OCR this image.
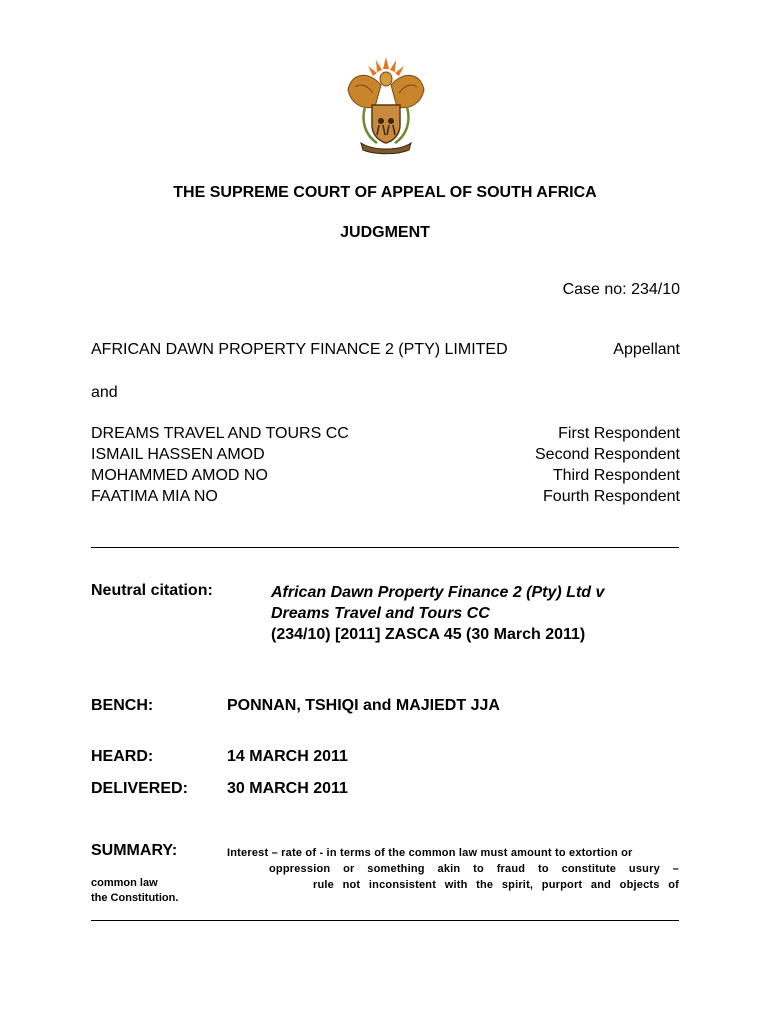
THE SUPREME COURT OF APPEAL OF SOUTH AFRICA
JUDGMENT
Case no: 234/10
AFRICAN DAWN PROPERTY FINANCE 2 (PTY) LIMITED	Appellant
and
DREAMS TRAVEL AND TOURS CC	First Respondent
ISMAIL HASSEN AMOD	Second Respondent
MOHAMMED AMOD NO	Third Respondent
FAATIMA MIA NO	Fourth Respondent
Neutral citation:	African Dawn Property Finance 2 (Pty) Ltd v
Dreams Travel and Tours CC
(234/10) [2011] ZASCA 45 (30 March 2011)
BENCH:	PONNAN, TSHIQI and MAJIEDT JJA
HEARD:	14 MARCH 2011
DELIVERED: 30 MARCH 2011
SUMMARY:	Interest – rate of - in terms of the common law must amount to extortion or
oppression or something akin to fraud to constitute usury –
rule not inconsistent with the spirit, purport and objects of
common law
the Constitution.
